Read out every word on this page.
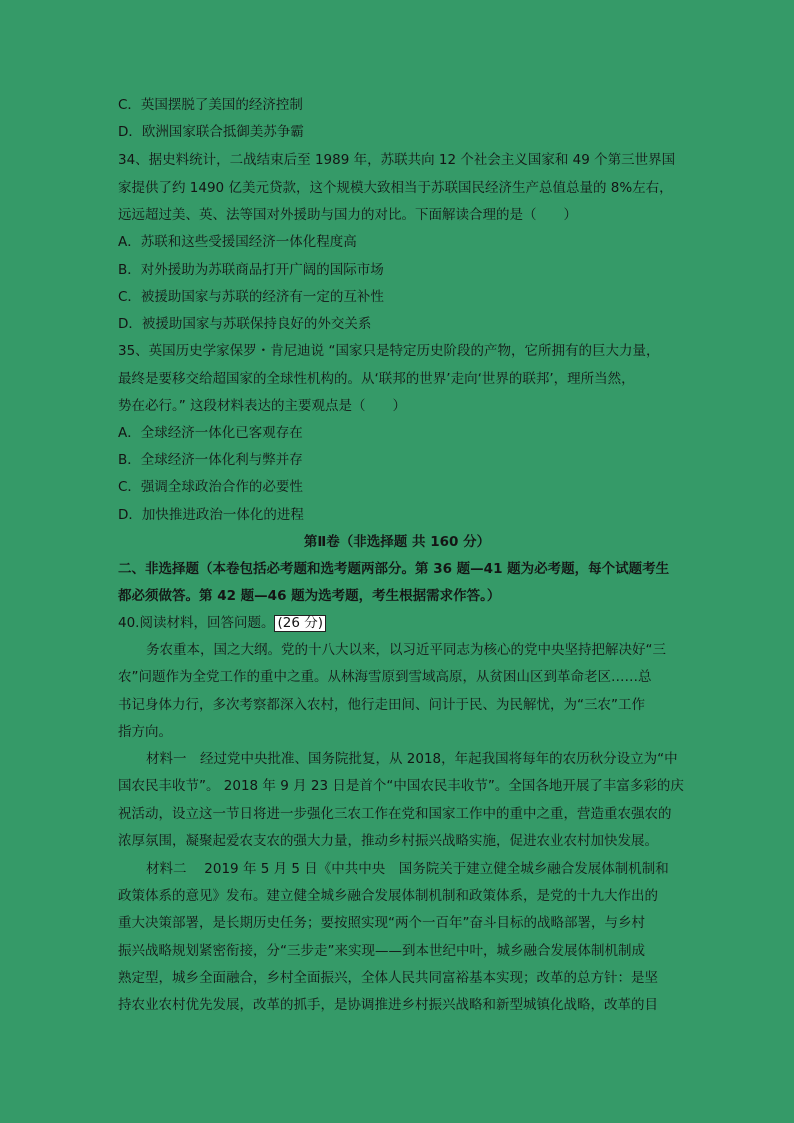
C．英国摆脱了美国的经济控制
D．欧洲国家联合抵御美苏争霸
34、据史料统计，二战结束后至 1989 年，苏联共向 12 个社会主义国家和 49 个第三世界国
家提供了约 1490 亿美元贷款，这个规模大致相当于苏联国民经济生产总值总量的 8%左右，
远远超过美、英、法等国对外援助与国力的对比。下面解读合理的是（　　）
A．苏联和这些受援国经济一体化程度高
B．对外援助为苏联商品打开广阔的国际市场
C．被援助国家与苏联的经济有一定的互补性
D．被援助国家与苏联保持良好的外交关系
35、英国历史学家保罗・肯尼迪说 “国家只是特定历史阶段的产物，它所拥有的巨大力量，
最终是要移交给超国家的全球性机构的。从‘联邦的世界’走向‘世界的联邦’，理所当然，
势在必行。” 这段材料表达的主要观点是（　　）
A．全球经济一体化已客观存在
B．全球经济一体化利与弊并存
C．强调全球政治合作的必要性
D．加快推进政治一体化的进程
第Ⅱ卷（非选择题 共 160 分）
二、非选择题（本卷包括必考题和选考题两部分。第 36 题—41 题为必考题，每个试题考生
都必须做答。第 42 题—46 题为选考题，考生根据需求作答。）
40.阅读材料，回答问题。 (26 分)
务农重本，国之大纲。党的十八大以来，以习近平同志为核心的党中央坚持把解决好“三
农”问题作为全党工作的重中之重。从林海雪原到雪域高原，从贫困山区到革命老区……总
书记身体力行，多次考察都深入农村，他行走田间、问计于民、为民解忧，为“三农”工作
指方向。
材料一　经过党中央批准、国务院批复，从 2018，年起我国将每年的农历秋分设立为“中
国农民丰收节”。 2018 年 9 月 23 日是首个“中国农民丰收节”。全国各地开展了丰富多彩的庆
祝活动，设立这一节日将进一步强化三农工作在党和国家工作中的重中之重，营造重农强农的
浓厚氛围，凝聚起爱农支农的强大力量，推动乡村振兴战略实施，促进农业农村加快发展。
材料二　 2019 年 5 月 5 日《中共中央　国务院关于建立健全城乡融合发展体制机制和
政策体系的意见》发布。建立健全城乡融合发展体制机制和政策体系，是党的十九大作出的
重大决策部署，是长期历史任务；要按照实现“两个一百年”奋斗目标的战略部署，与乡村
振兴战略规划紧密衔接，分“三步走”来实现——到本世纪中叶，城乡融合发展体制机制成
熟定型，城乡全面融合，乡村全面振兴，全体人民共同富裕基本实现；改革的总方针：是坚
持农业农村优先发展，改革的抓手，是协调推进乡村振兴战略和新型城镇化战略，改革的目
